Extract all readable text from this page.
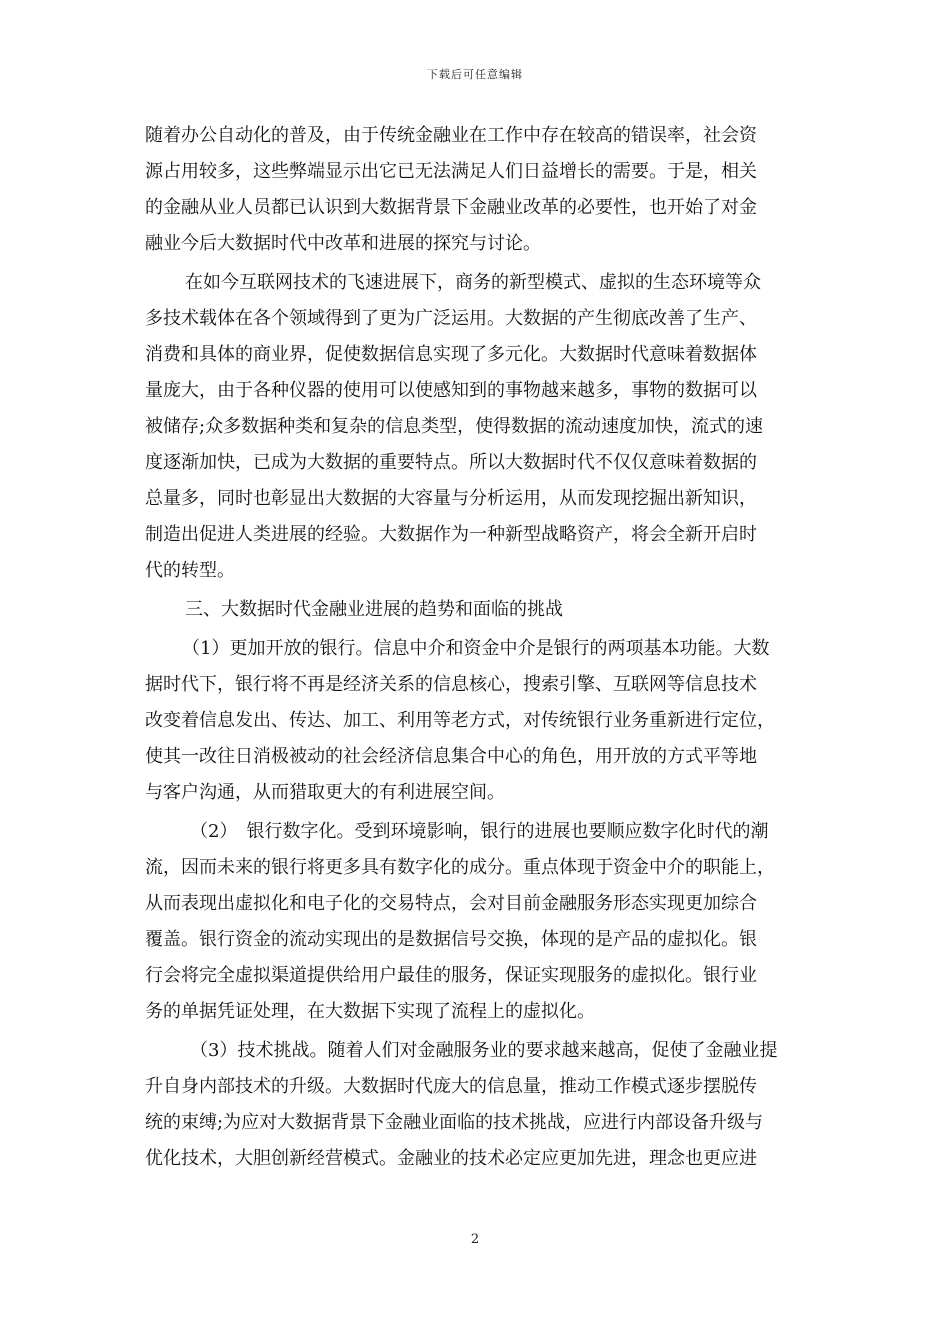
下载后可任意编辑
随着办公自动化的普及，由于传统金融业在工作中存在较高的错误率，社会资
源占用较多，这些弊端显示出它已无法满足人们日益增长的需要。于是，相关
的金融从业人员都已认识到大数据背景下金融业改革的必要性，也开始了对金
融业今后大数据时代中改革和进展的探究与讨论。
在如今互联网技术的飞速进展下，商务的新型模式、虚拟的生态环境等众
多技术载体在各个领域得到了更为广泛运用。大数据的产生彻底改善了生产、
消费和具体的商业界，促使数据信息实现了多元化。大数据时代意味着数据体
量庞大，由于各种仪器的使用可以使感知到的事物越来越多，事物的数据可以
被储存;众多数据种类和复杂的信息类型，使得数据的流动速度加快，流式的速
度逐渐加快，已成为大数据的重要特点。所以大数据时代不仅仅意味着数据的
总量多，同时也彰显出大数据的大容量与分析运用，从而发现挖掘出新知识，
制造出促进人类进展的经验。大数据作为一种新型战略资产，将会全新开启时
代的转型。
三、大数据时代金融业进展的趋势和面临的挑战
（1）更加开放的银行。信息中介和资金中介是银行的两项基本功能。大数
据时代下，银行将不再是经济关系的信息核心，搜索引擎、互联网等信息技术
改变着信息发出、传达、加工、利用等老方式，对传统银行业务重新进行定位，
使其一改往日消极被动的社会经济信息集合中心的角色，用开放的方式平等地
与客户沟通，从而猎取更大的有利进展空间。
（2）　银行数字化。受到环境影响，银行的进展也要顺应数字化时代的潮
流，因而未来的银行将更多具有数字化的成分。重点体现于资金中介的职能上，
从而表现出虚拟化和电子化的交易特点，会对目前金融服务形态实现更加综合
覆盖。银行资金的流动实现出的是数据信号交换，体现的是产品的虚拟化。银
行会将完全虚拟渠道提供给用户最佳的服务，保证实现服务的虚拟化。银行业
务的单据凭证处理，在大数据下实现了流程上的虚拟化。
（3）技术挑战。随着人们对金融服务业的要求越来越高，促使了金融业提
升自身内部技术的升级。大数据时代庞大的信息量，推动工作模式逐步摆脱传
统的束缚;为应对大数据背景下金融业面临的技术挑战，应进行内部设备升级与
优化技术，大胆创新经营模式。金融业的技术必定应更加先进，理念也更应进
2
